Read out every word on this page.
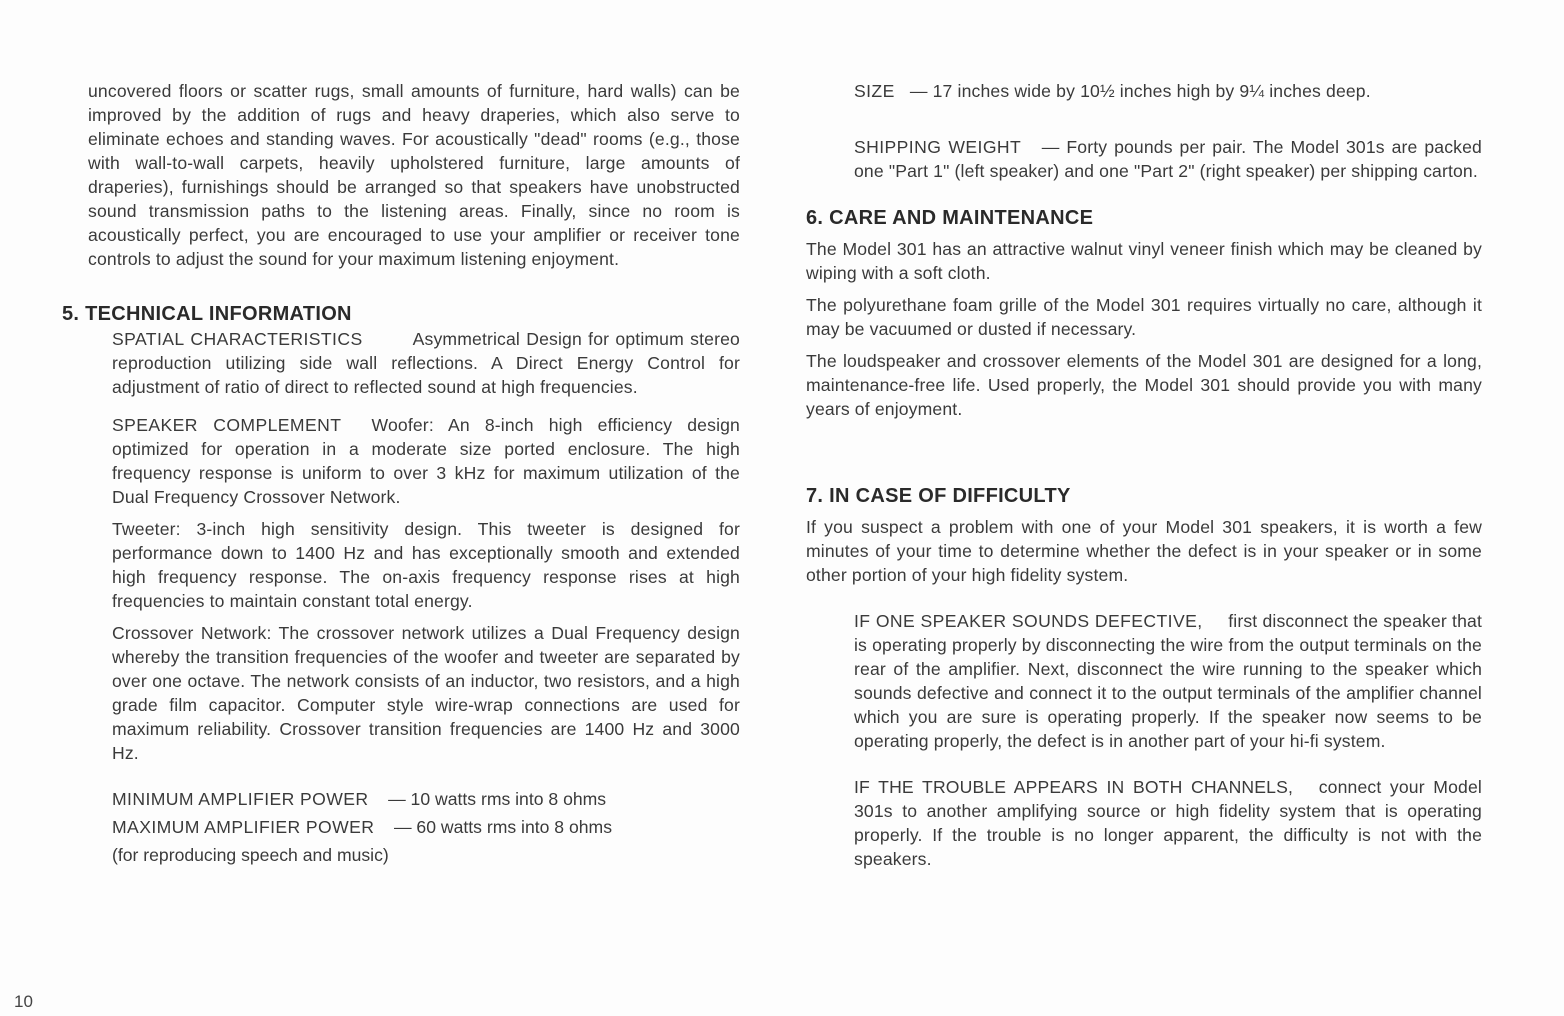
uncovered floors or scatter rugs, small amounts of furniture, hard walls) can be improved by the addition of rugs and heavy draperies, which also serve to eliminate echoes and standing waves. For acoustically "dead" rooms (e.g., those with wall-to-wall carpets, heavily upholstered furniture, large amounts of draperies), furnishings should be arranged so that speakers have unobstructed sound transmission paths to the listening areas. Finally, since no room is acoustically perfect, you are encouraged to use your amplifier or receiver tone controls to adjust the sound for your maximum listening enjoyment.

5. TECHNICAL INFORMATION

SPATIAL CHARACTERISTICS	Asymmetrical Design for optimum stereo reproduction utilizing side wall reflections. A Direct Energy Control for adjustment of ratio of direct to reflected sound at high frequencies.

SPEAKER COMPLEMENT Woofer: An 8-inch high efficiency design optimized for operation in a moderate size ported enclosure. The high frequency response is uniform to over 3 kHz for maximum utilization of the Dual Frequency Crossover Network.

Tweeter: 3-inch high sensitivity design. This tweeter is designed for performance down to 1400 Hz and has exceptionally smooth and extended high frequency response. The on-axis frequency response rises at high frequencies to maintain constant total energy.

Crossover Network: The crossover network utilizes a Dual Frequency design whereby the transition frequencies of the woofer and tweeter are separated by over one octave. The network consists of an inductor, two resistors, and a high grade film capacitor. Computer style wire-wrap connections are used for maximum reliability. Crossover transition frequencies are 1400 Hz and 3000 Hz.

MINIMUM AMPLIFIER POWER — 10 watts rms into 8 ohms
MAXIMUM AMPLIFIER POWER — 60 watts rms into 8 ohms
(for reproducing speech and music)

SIZE — 17 inches wide by 10½ inches high by 9¼ inches deep.

SHIPPING WEIGHT — Forty pounds per pair. The Model 301s are packed one "Part 1" (left speaker) and one "Part 2" (right speaker) per shipping carton.

6. CARE AND MAINTENANCE

The Model 301 has an attractive walnut vinyl veneer finish which may be cleaned by wiping with a soft cloth.

The polyurethane foam grille of the Model 301 requires virtually no care, although it may be vacuumed or dusted if necessary.

The loudspeaker and crossover elements of the Model 301 are designed for a long, maintenance-free life. Used properly, the Model 301 should provide you with many years of enjoyment.

7. IN CASE OF DIFFICULTY

If you suspect a problem with one of your Model 301 speakers, it is worth a few minutes of your time to determine whether the defect is in your speaker or in some other portion of your high fidelity system.

IF ONE SPEAKER SOUNDS DEFECTIVE, first disconnect the speaker that is operating properly by disconnecting the wire from the output terminals on the rear of the amplifier. Next, disconnect the wire running to the speaker which sounds defective and connect it to the output terminals of the amplifier channel which you are sure is operating properly. If the speaker now seems to be operating properly, the defect is in another part of your hi-fi system.

IF THE TROUBLE APPEARS IN BOTH CHANNELS, connect your Model 301s to another amplifying source or high fidelity system that is operating properly. If the trouble is no longer apparent, the difficulty is not with the speakers.

10
